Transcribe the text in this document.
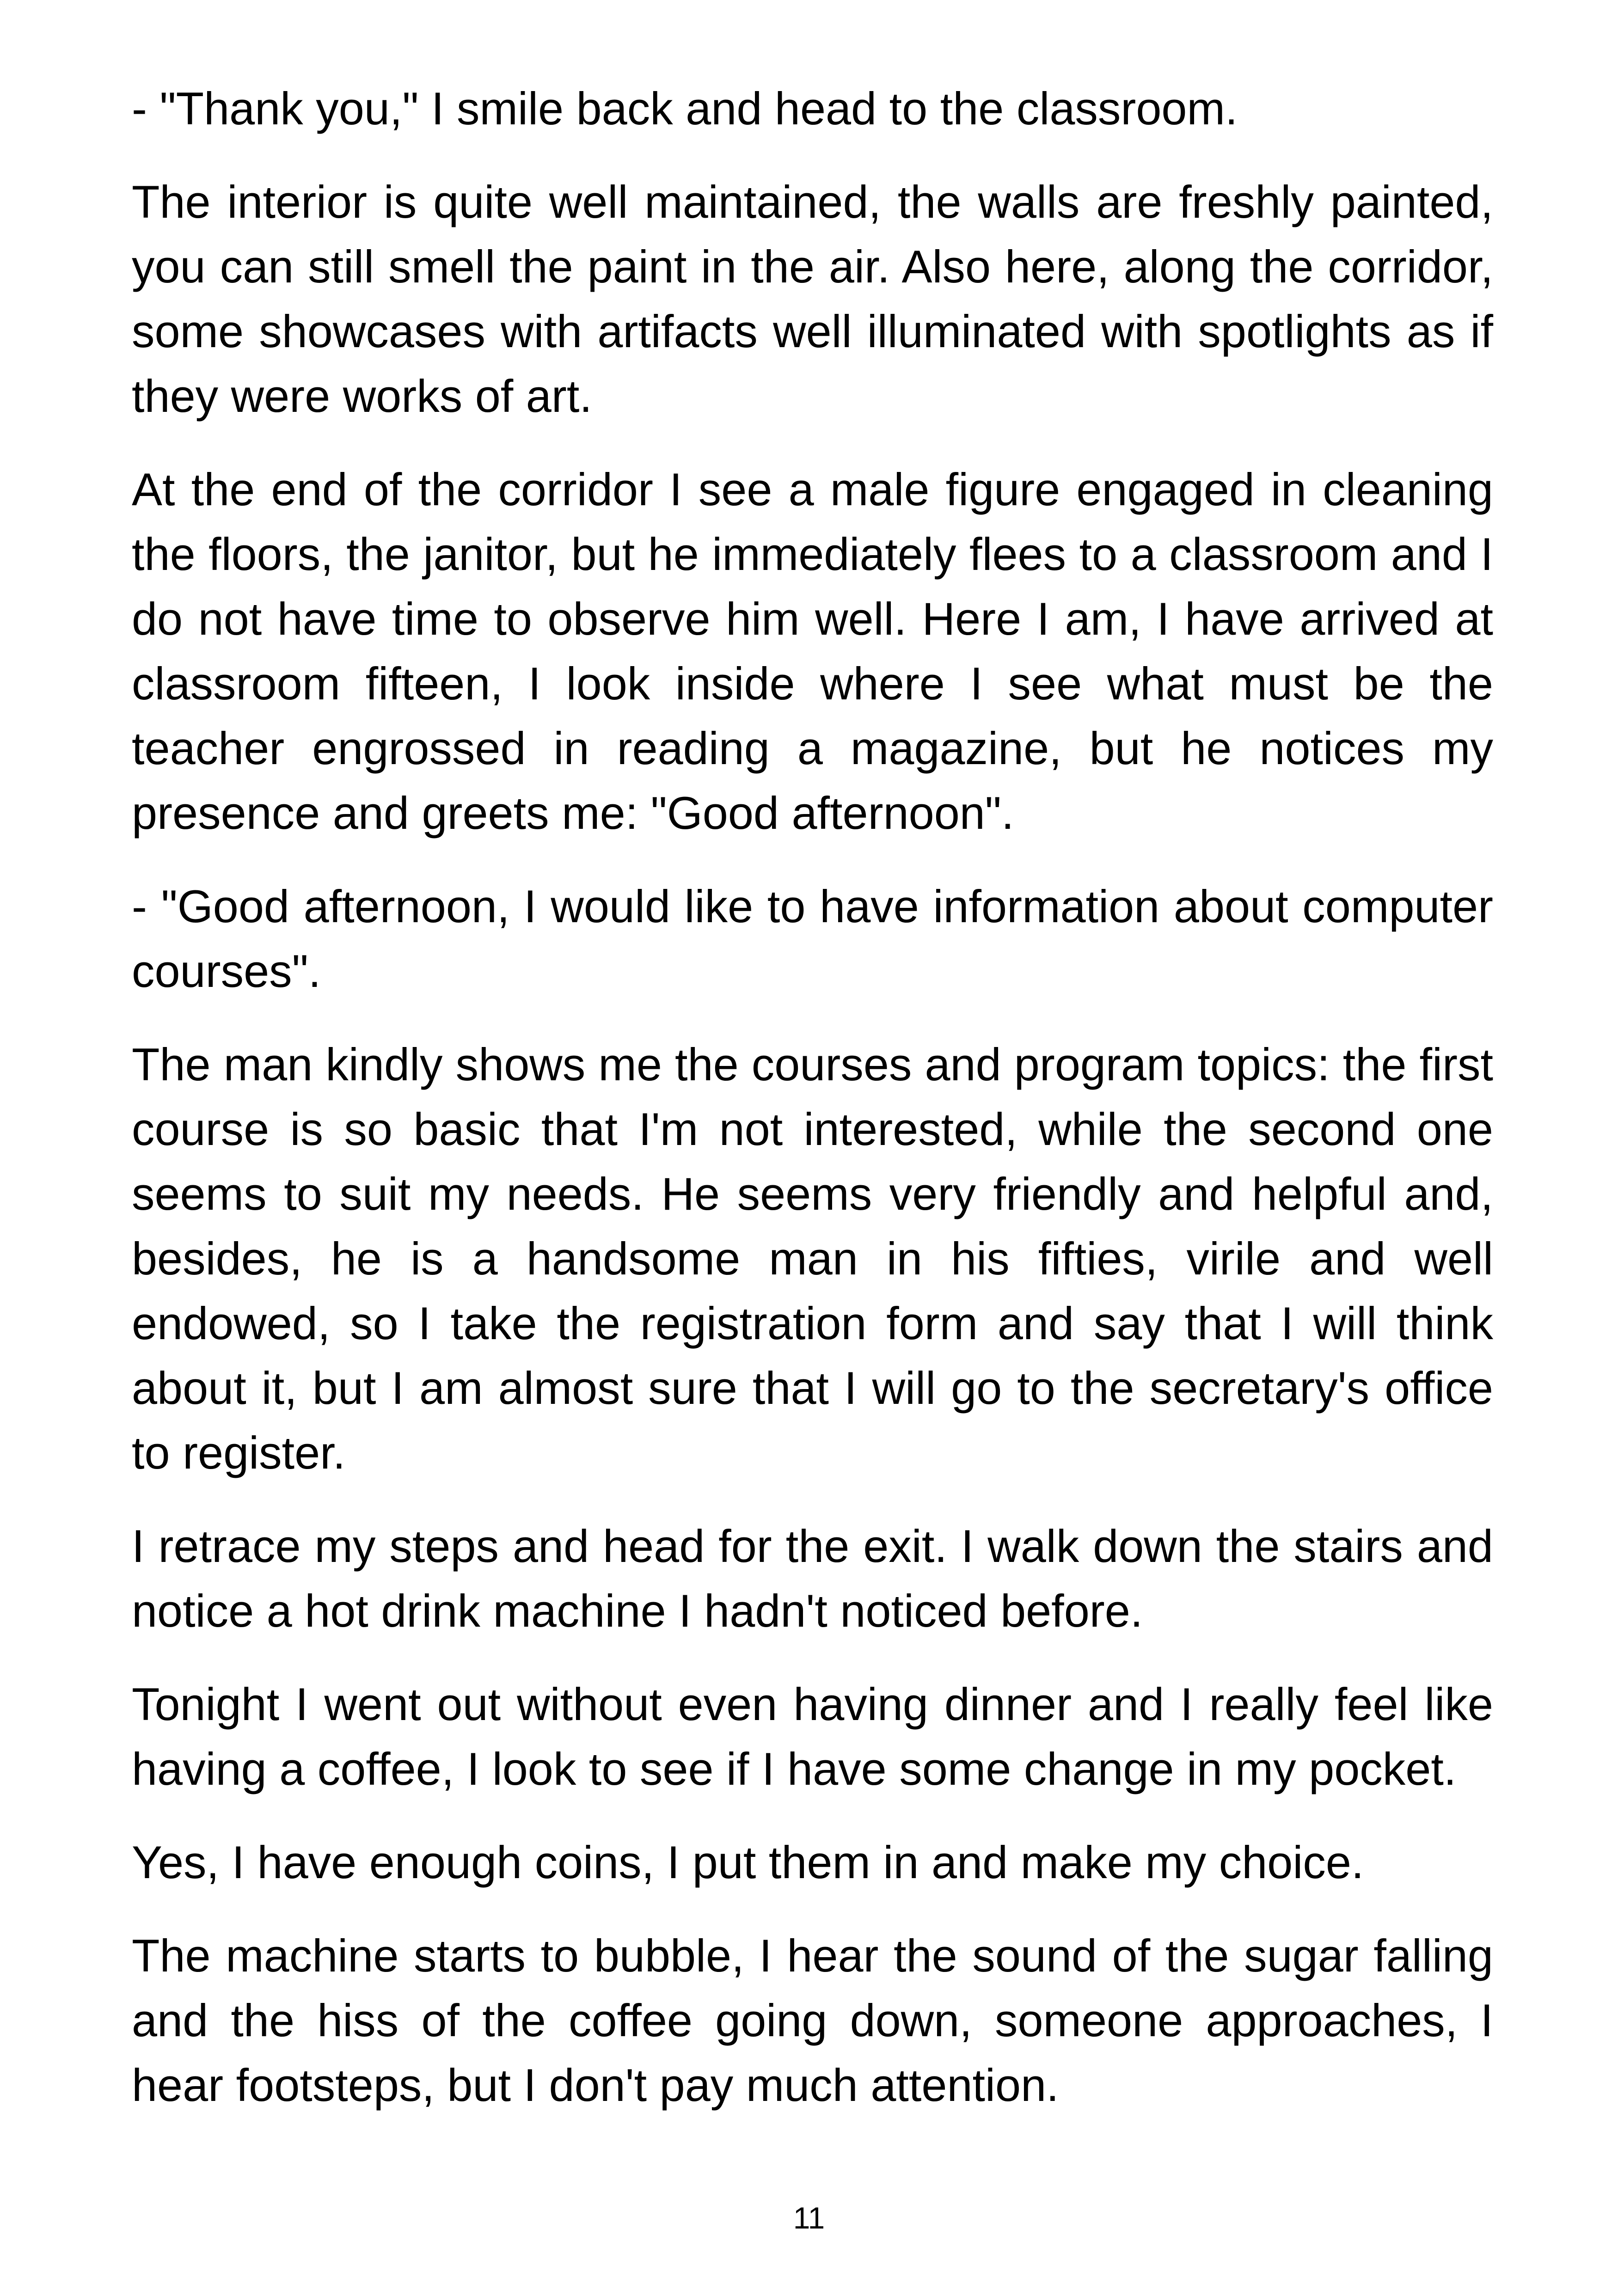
- "Thank you," I smile back and head to the classroom.

The interior is quite well maintained, the walls are freshly painted, you can still smell the paint in the air. Also here, along the corridor, some showcases with artifacts well illuminated with spotlights as if they were works of art.

At the end of the corridor I see a male figure engaged in cleaning the floors, the janitor, but he immediately flees to a classroom and I do not have time to observe him well. Here I am, I have arrived at classroom fifteen, I look inside where I see what must be the teacher engrossed in reading a magazine, but he notices my presence and greets me: "Good afternoon".

- "Good afternoon, I would like to have information about computer courses".

The man kindly shows me the courses and program topics: the first course is so basic that I'm not interested, while the second one seems to suit my needs. He seems very friendly and helpful and, besides, he is a handsome man in his fifties, virile and well endowed, so I take the registration form and say that I will think about it, but I am almost sure that I will go to the secretary's office to register.

I retrace my steps and head for the exit. I walk down the stairs and notice a hot drink machine I hadn't noticed before.

Tonight I went out without even having dinner and I really feel like having a coffee, I look to see if I have some change in my pocket.

Yes, I have enough coins, I put them in and make my choice.

The machine starts to bubble, I hear the sound of the sugar falling and the hiss of the coffee going down, someone approaches, I hear footsteps, but I don't pay much attention.

11
